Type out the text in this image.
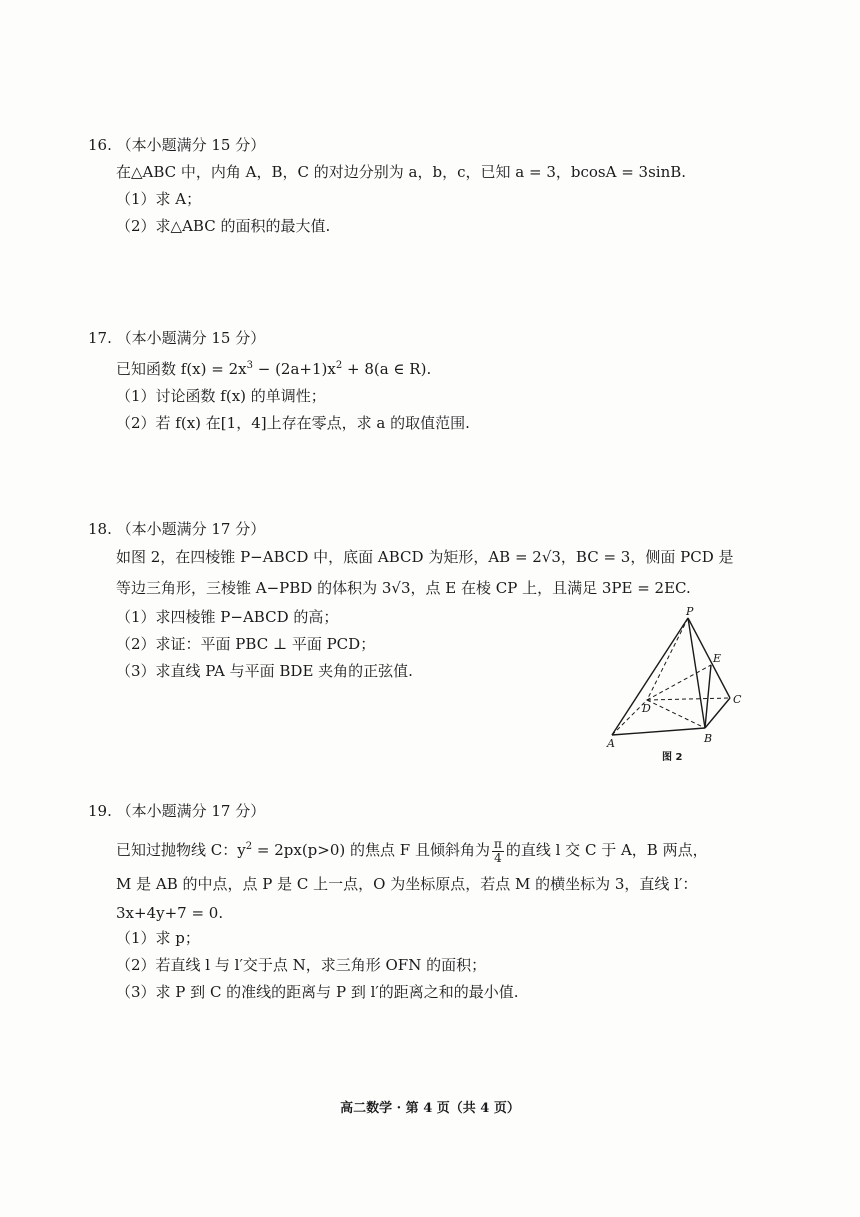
16. （本小题满分 15 分）
在△ABC 中，内角 A，B，C 的对边分别为 a，b，c，已知 a = 3，bcosA = 3sinB.
（1）求 A；
（2）求△ABC 的面积的最大值.
17. （本小题满分 15 分）
已知函数 $f(x) = 2x^3 - (2a+1)x^2 + 8(a$ ∈ R).
（1）讨论函数 f(x) 的单调性；
（2）若 f(x) 在[1，4]上存在零点，求 a 的取值范围.
18. （本小题满分 17 分）
如图 2，在四棱锥 P−ABCD 中，底面 ABCD 为矩形，AB = 2√3，BC = 3，侧面 PCD 是
等边三角形，三棱锥 A−PBD 的体积为 3√3，点 E 在棱 CP 上，且满足 3PE = 2EC.
（1）求四棱锥 P−ABCD 的高；
（2）求证：平面 PBC ⊥ 平面 PCD；
（3）求直线 PA 与平面 BDE 夹角的正弦值.
P
E
C
D
A	B
图 2
19. （本小题满分 17 分）
已知过抛物线 C：$y^2 = 2px(p>0)$ 的焦点 F 且倾斜角为 $\frac{\pi}{4}$ 的直线 l 交 C 于 A，B 两点，
M 是 AB 的中点，点 P 是 C 上一点，O 为坐标原点，若点 M 的横坐标为 3，直线 l′：
3x+4y+7 = 0.
（1）求 p；
（2）若直线 l 与 l′交于点 N，求三角形 OFN 的面积；
（3）求 P 到 C 的准线的距离与 P 到 l′的距离之和的最小值.
高二数学 · 第 4 页（共 4 页）
